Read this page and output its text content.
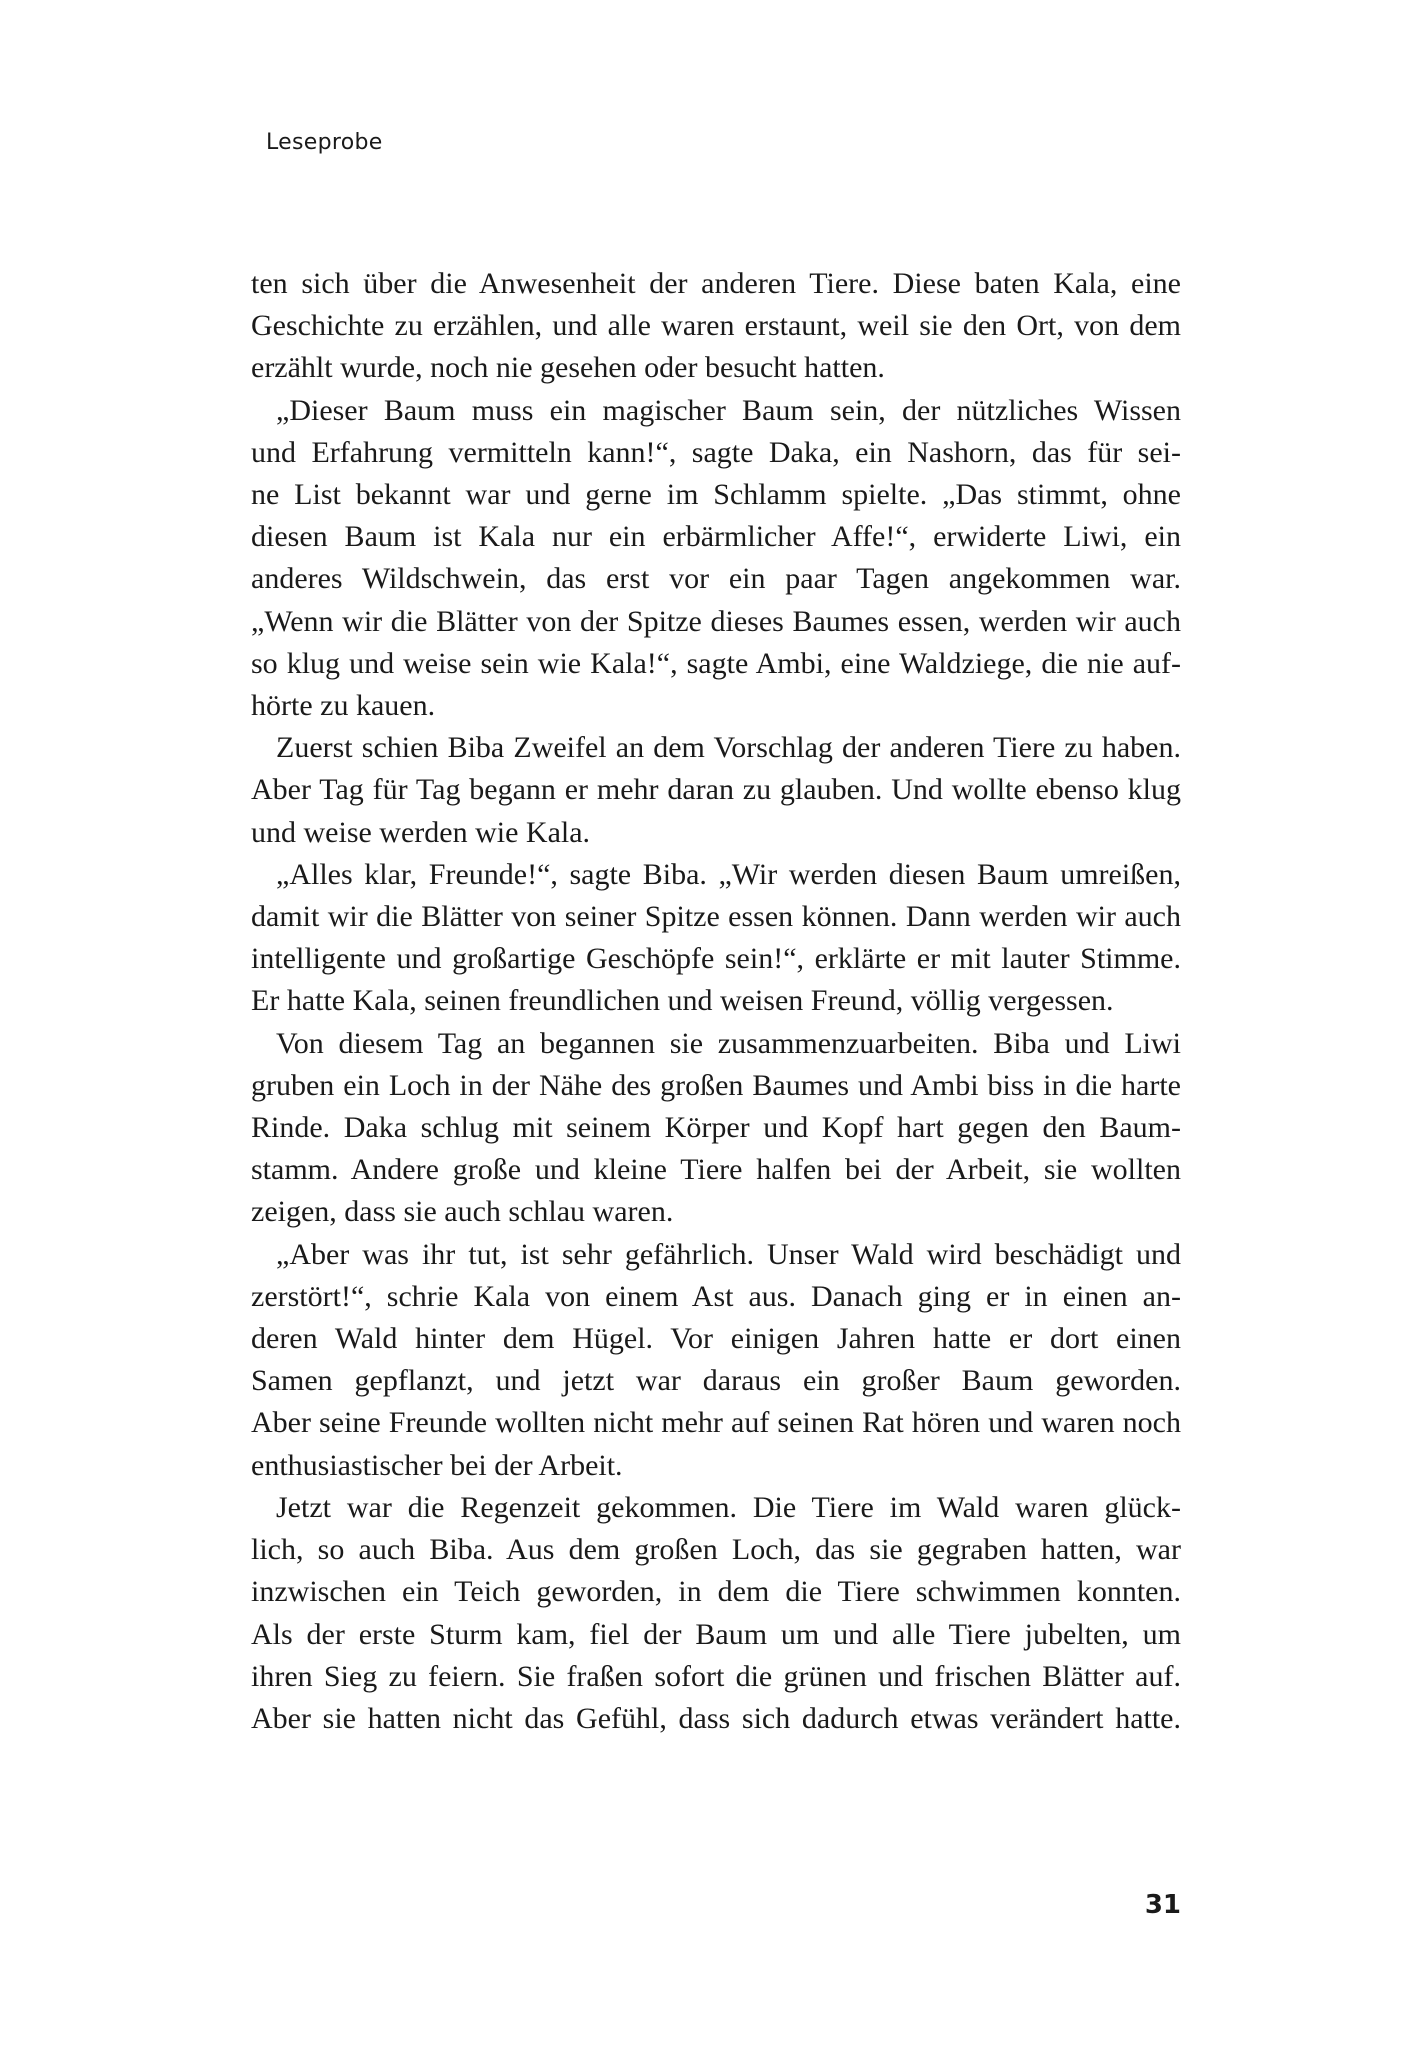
Leseprobe
ten sich über die Anwesenheit der anderen Tiere. Diese baten Kala, eine
Geschichte zu erzählen, und alle waren erstaunt, weil sie den Ort, von dem
erzählt wurde, noch nie gesehen oder besucht hatten.
„Dieser Baum muss ein magischer Baum sein, der nützliches Wissen
und Erfahrung vermitteln kann!“, sagte Daka, ein Nashorn, das für sei-
ne List bekannt war und gerne im Schlamm spielte. „Das stimmt, ohne
diesen Baum ist Kala nur ein erbärmlicher Affe!“, erwiderte Liwi, ein
anderes Wildschwein, das erst vor ein paar Tagen angekommen war.
„Wenn wir die Blätter von der Spitze dieses Baumes essen, werden wir auch
so klug und weise sein wie Kala!“, sagte Ambi, eine Waldziege, die nie auf-
hörte zu kauen.
Zuerst schien Biba Zweifel an dem Vorschlag der anderen Tiere zu haben.
Aber Tag für Tag begann er mehr daran zu glauben. Und wollte ebenso klug
und weise werden wie Kala.
„Alles klar, Freunde!“, sagte Biba. „Wir werden diesen Baum umreißen,
damit wir die Blätter von seiner Spitze essen können. Dann werden wir auch
intelligente und großartige Geschöpfe sein!“, erklärte er mit lauter Stimme.
Er hatte Kala, seinen freundlichen und weisen Freund, völlig vergessen.
Von diesem Tag an begannen sie zusammenzuarbeiten. Biba und Liwi
gruben ein Loch in der Nähe des großen Baumes und Ambi biss in die harte
Rinde. Daka schlug mit seinem Körper und Kopf hart gegen den Baum-
stamm. Andere große und kleine Tiere halfen bei der Arbeit, sie wollten
zeigen, dass sie auch schlau waren.
„Aber was ihr tut, ist sehr gefährlich. Unser Wald wird beschädigt und
zerstört!“, schrie Kala von einem Ast aus. Danach ging er in einen an-
deren Wald hinter dem Hügel. Vor einigen Jahren hatte er dort einen
Samen gepflanzt, und jetzt war daraus ein großer Baum geworden.
Aber seine Freunde wollten nicht mehr auf seinen Rat hören und waren noch
enthusiastischer bei der Arbeit.
Jetzt war die Regenzeit gekommen. Die Tiere im Wald waren glück-
lich, so auch Biba. Aus dem großen Loch, das sie gegraben hatten, war
inzwischen ein Teich geworden, in dem die Tiere schwimmen konnten.
Als der erste Sturm kam, fiel der Baum um und alle Tiere jubelten, um
ihren Sieg zu feiern. Sie fraßen sofort die grünen und frischen Blätter auf.
Aber sie hatten nicht das Gefühl, dass sich dadurch etwas verändert hatte.
31
